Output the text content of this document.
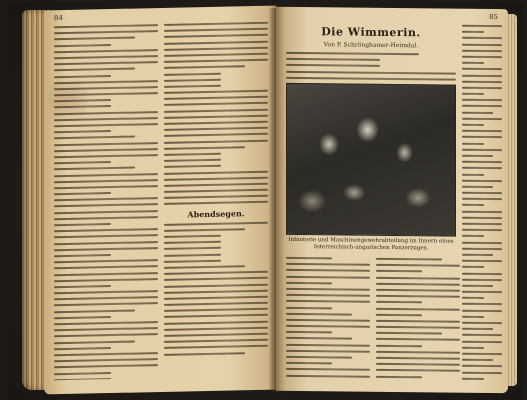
84
Abendsegen.
85
Die Wimmerin.
Von P. Schrönghamer-Heimdal.
Infanterie und Maschinengewehrabteilung im Innern eines österreichisch-ungarischen Panzerzuges.
